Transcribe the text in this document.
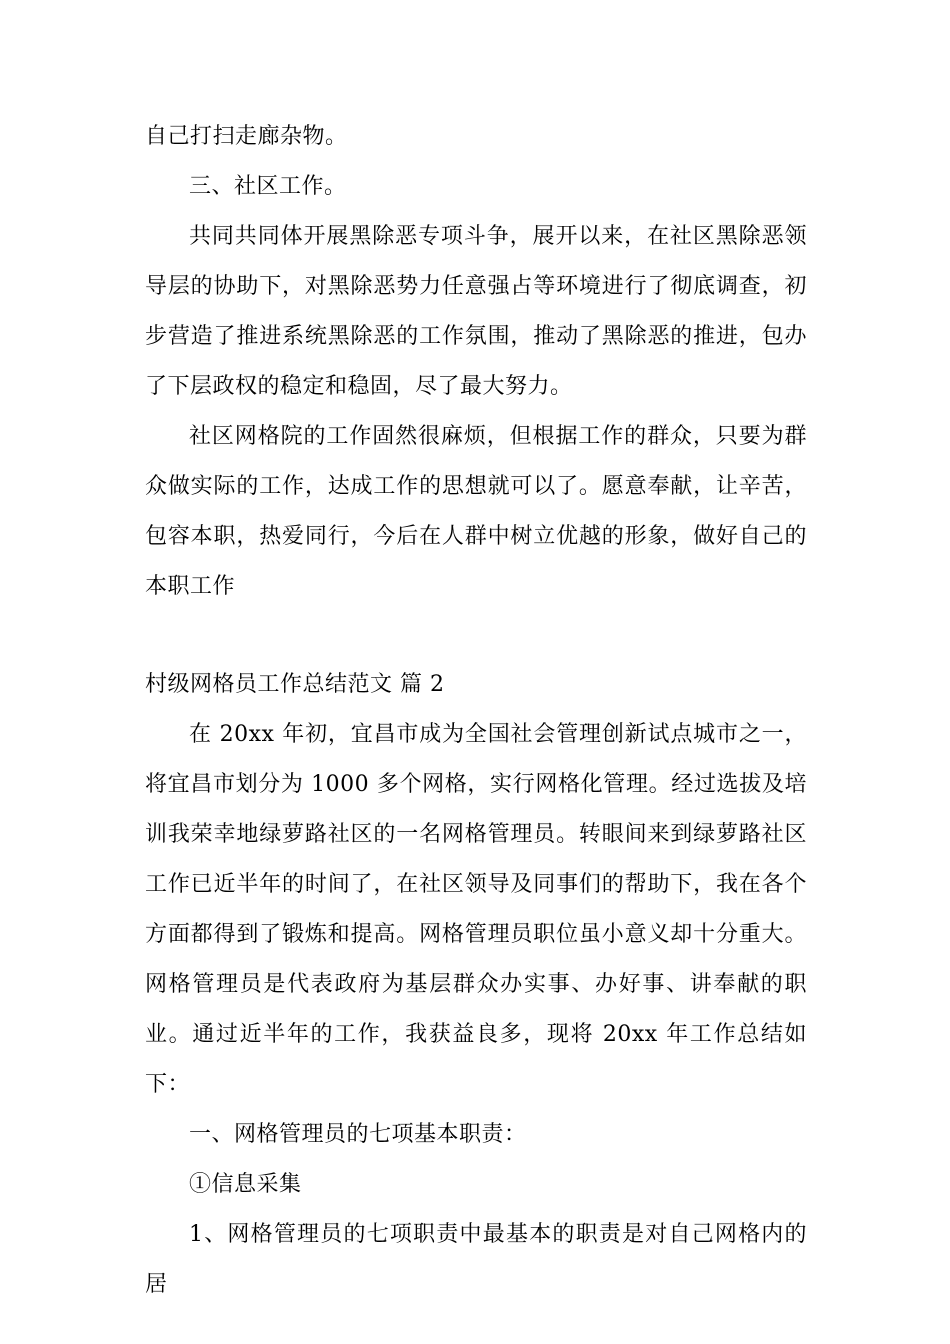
自己打扫走廊杂物。

三、社区工作。

共同共同体开展黑除恶专项斗争，展开以来，在社区黑除恶领导层的协助下，对黑除恶势力任意强占等环境进行了彻底调查，初步营造了推进系统黑除恶的工作氛围，推动了黑除恶的推进，包办了下层政权的稳定和稳固，尽了最大努力。

社区网格院的工作固然很麻烦，但根据工作的群众，只要为群众做实际的工作，达成工作的思想就可以了。愿意奉献，让辛苦，包容本职，热爱同行，今后在人群中树立优越的形象，做好自己的本职工作

村级网格员工作总结范文 篇 2

在 20xx 年初，宜昌市成为全国社会管理创新试点城市之一，将宜昌市划分为 1000 多个网格，实行网格化管理。经过选拔及培训我荣幸地绿萝路社区的一名网格管理员。转眼间来到绿萝路社区工作已近半年的时间了，在社区领导及同事们的帮助下，我在各个方面都得到了锻炼和提高。网格管理员职位虽小意义却十分重大。网格管理员是代表政府为基层群众办实事、办好事、讲奉献的职业。通过近半年的工作，我获益良多，现将 20xx 年工作总结如下：

一、网格管理员的七项基本职责：

①信息采集

1、网格管理员的七项职责中最基本的职责是对自己网格内的居
